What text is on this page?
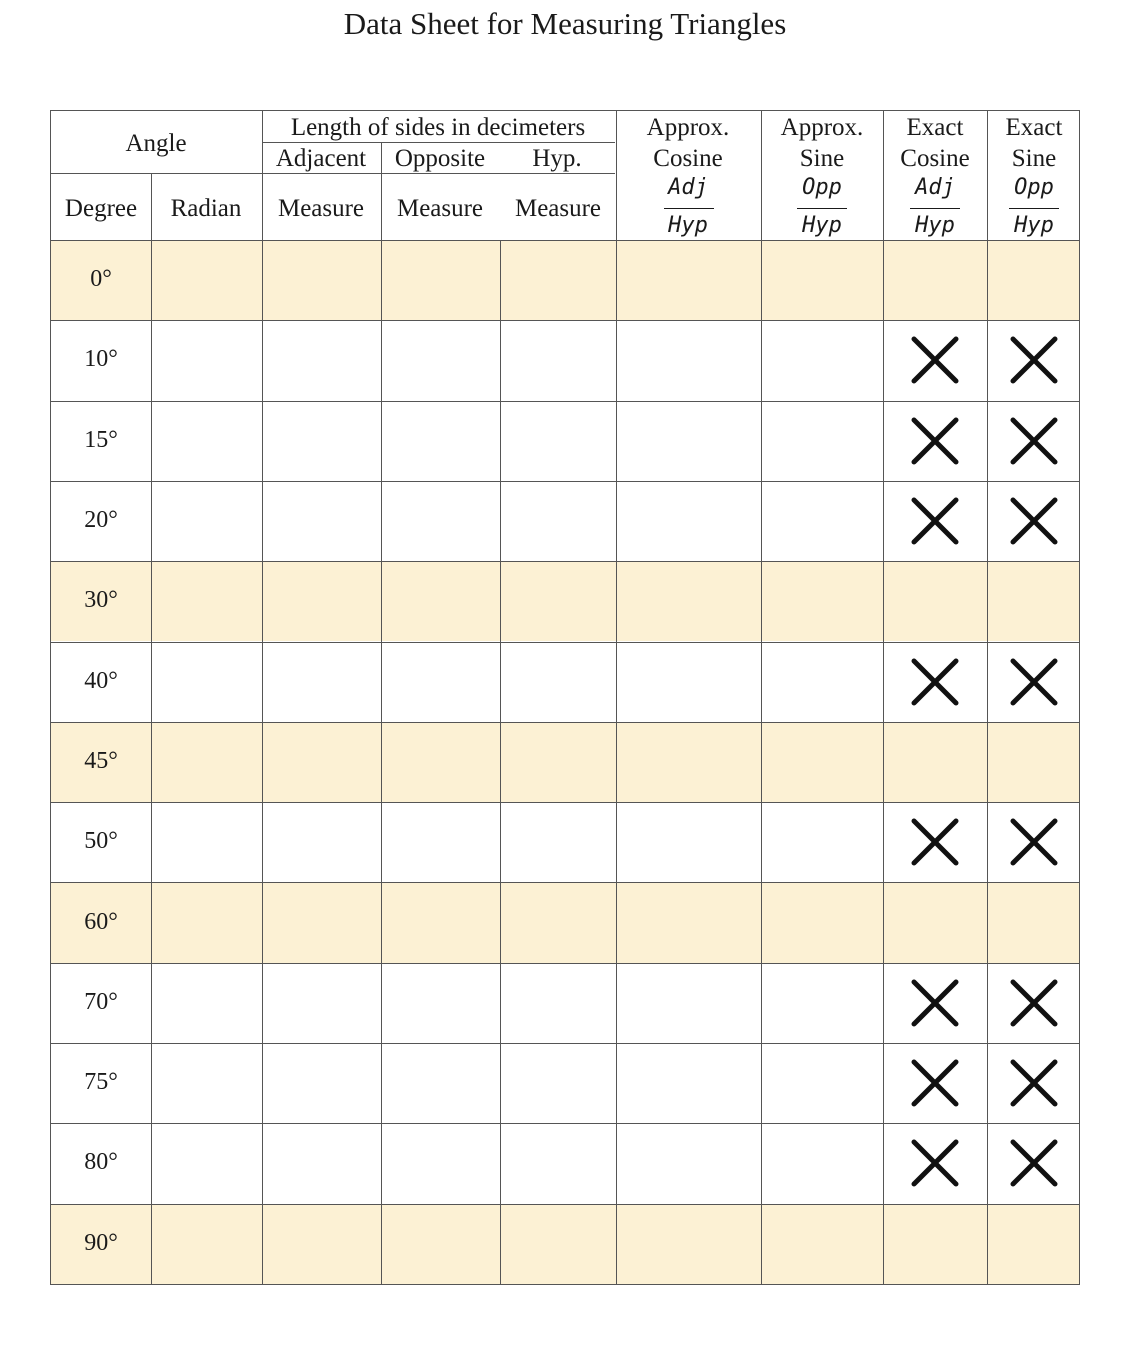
Data Sheet for Measuring Triangles
Angle
Length of sides in decimeters
Adjacent Opposite Hyp.
Degree Radian Measure Measure Measure
Approx.
Cosine
Approx.
Sine
Exact
Cosine
Exact
Sine
Adj
Hyp
Opp
Hyp
Adj
Hyp
Opp
Hyp
0°
10°
15°
20°
30°
40°
45°
50°
60°
70°
75°
80°
90°
